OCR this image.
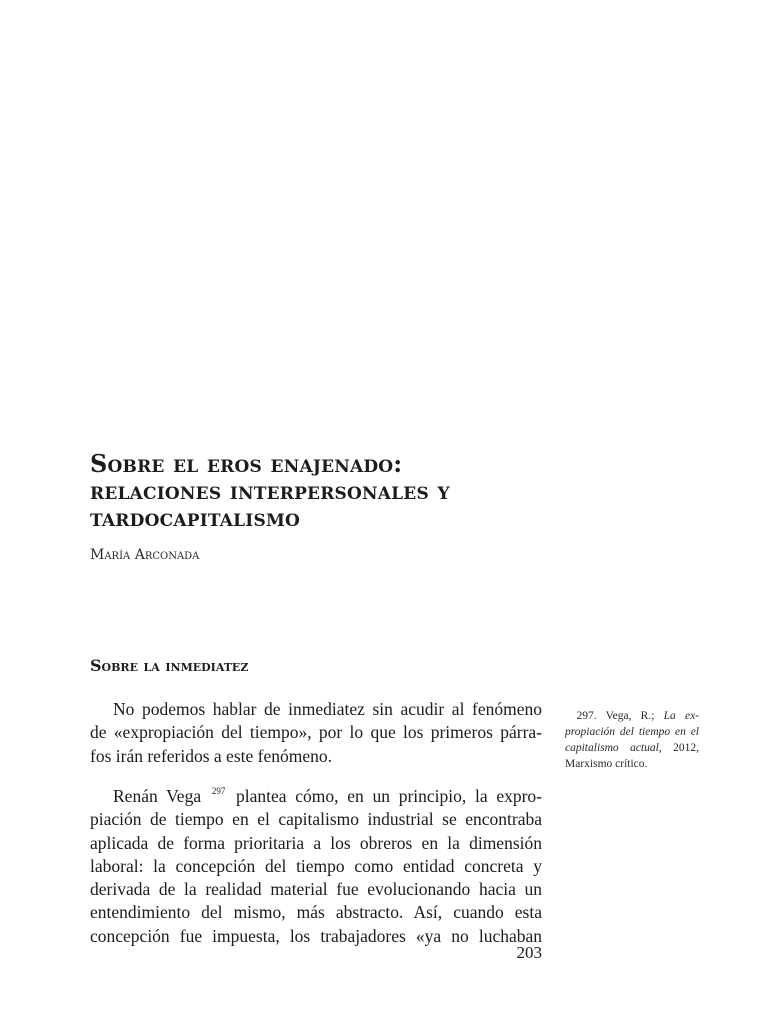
Sobre el eros enajenado:
relaciones interpersonales y
tardocapitalismo
María Arconada
Sobre la inmediatez
No podemos hablar de inmediatez sin acudir al fenómeno
de «expropiación del tiempo», por lo que los primeros párra-
fos irán referidos a este fenómeno.
Renán Vega $^{297}$ plantea cómo, en un principio, la expro-
piación de tiempo en el capitalismo industrial se encontraba
aplicada de forma prioritaria a los obreros en la dimensión
laboral: la concepción del tiempo como entidad concreta y
derivada de la realidad material fue evolucionando hacia un
entendimiento del mismo, más abstracto. Así, cuando esta
concepción fue impuesta, los trabajadores «ya no luchaban
 297. Vega, R.; La ex-
propiación del tiempo en el
capitalismo actual, 2012,
Marxismo crítico.
203
